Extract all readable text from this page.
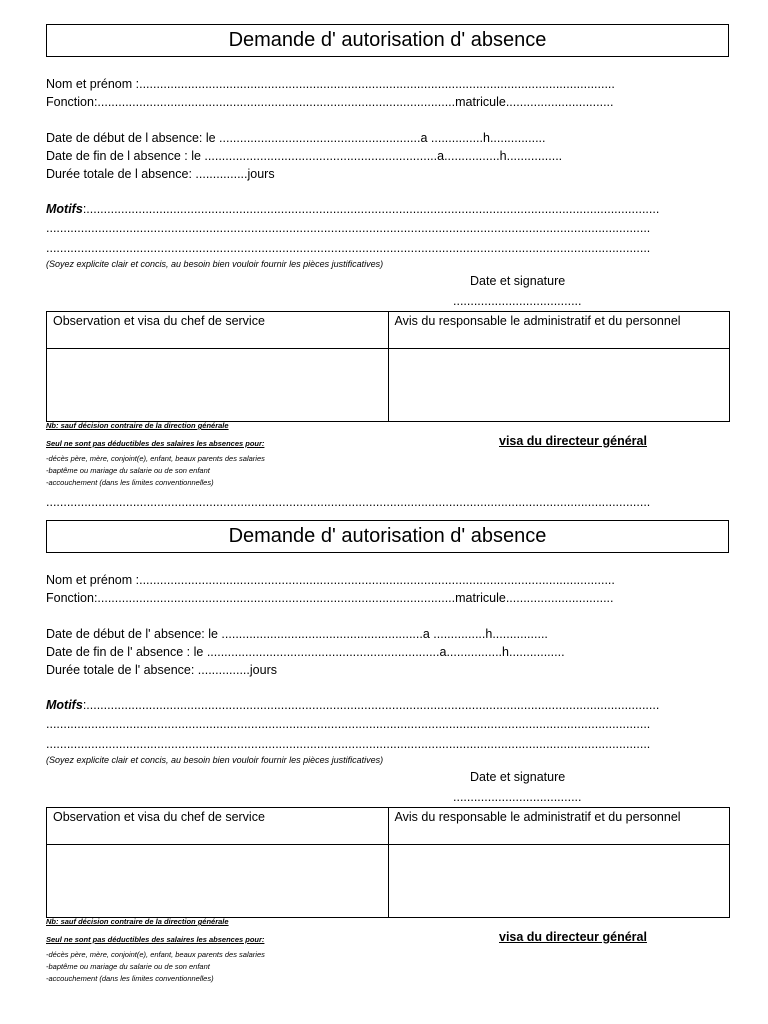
Demande d' autorisation d' absence
Nom et prénom :.........................................................................................................................................
Fonction:.......................................................................................................matricule...............................
Date de début de l absence: le ..........................................................a ...............h................
Date de fin de l absence : le ...................................................................a................h................
Durée totale de l absence: ...............jours
Motifs:.....................................................................................................................................................................
..............................................................................................................................................................................
..............................................................................................................................................................................
(Soyez explicite clair et concis, au besoin bien vouloir fournir les pièces justificatives)
Date et signature
.....................................
Observation et visa du chef de service	Avis du responsable le administratif et du personnel

Nb: sauf décision contraire de la direction générale
Seul ne sont pas déductibles des salaires les absences pour:	visa du directeur général
-décès père, mère, conjoint(e), enfant, beaux parents des salaries
-baptême ou mariage du salarie ou de son enfant
-accouchement (dans les limites conventionnelles)
..............................................................................................................................................................................
Demande d' autorisation d' absence
Nom et prénom :.........................................................................................................................................
Fonction:.......................................................................................................matricule...............................
Date de début de l' absence: le ..........................................................a ...............h................
Date de fin de l' absence : le ...................................................................a................h................
Durée totale de l' absence: ...............jours
Motifs:.....................................................................................................................................................................
..............................................................................................................................................................................
..............................................................................................................................................................................
(Soyez explicite clair et concis, au besoin bien vouloir fournir les pièces justificatives)
Date et signature
.....................................
Observation et visa du chef de service	Avis du responsable le administratif et du personnel

Nb: sauf décision contraire de la direction générale
Seul ne sont pas déductibles des salaires les absences pour:	visa du directeur général
-décès père, mère, conjoint(e), enfant, beaux parents des salaries
-baptême ou mariage du salarie ou de son enfant
-accouchement (dans les limites conventionnelles)
